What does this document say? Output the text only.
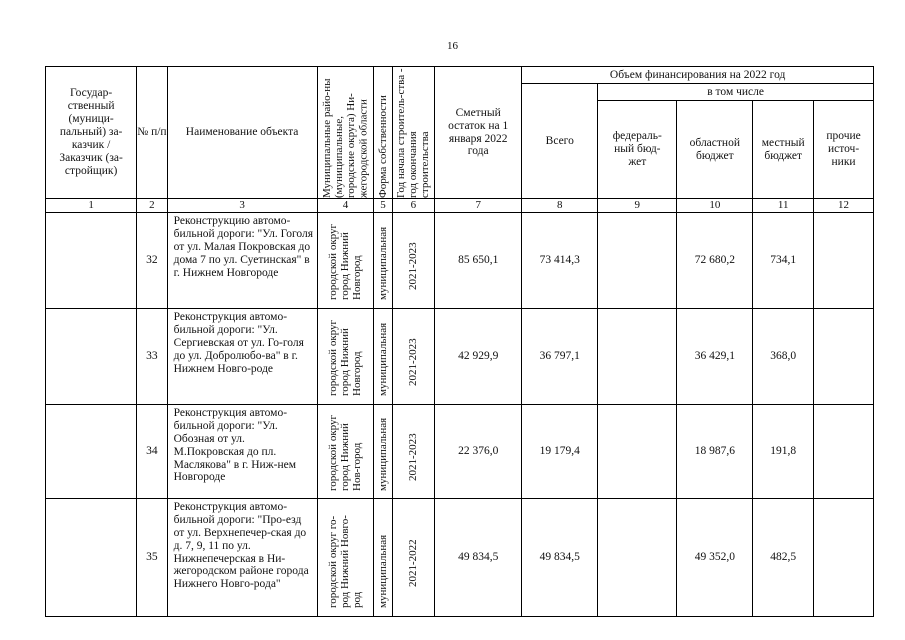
16
Государ-ственный (муници-пальный) за-казчик / Заказчик (за-стройщик)	№ п/п	Наименование объекта	Муниципальные райо-ны (муниципальные, городские округа) Ни-жегородской области	Форма собственности	Год начала строитель-ства - год окончания строительства	Сметный остаток на 1 января 2022 года	Объем финансирования на 2022 год				
							Всего	в том числе			
								федераль-ный бюд-жет	областной бюджет	местный бюджет	прочие источ-ники
1	2	3	4	5	6	7	8	9	10	11	12
	32	Реконструкцию автомо-бильной дороги: "Ул. Гоголя от ул. Малая Покровская до дома 7 по ул. Суетинская" в г. Нижнем Новгороде	городской округ город Нижний Новгород	муниципальная	2021-2023	85 650,1	73 414,3		72 680,2	734,1	
	33	Реконструкция автомо-бильной дороги: "Ул. Сергиевская от ул. Го-голя до ул. Добролюбо-ва" в г. Нижнем Новго-роде	городской округ город Нижний Новгород	муниципальная	2021-2023	42 929,9	36 797,1		36 429,1	368,0	
	34	Реконструкция автомо-бильной дороги: "Ул. Обозная от ул. М.Покровская до пл. Маслякова" в г. Ниж-нем Новгороде	городской округ город Нижний Нов-город	муниципальная	2021-2023	22 376,0	19 179,4		18 987,6	191,8	
	35	Реконструкция автомо-бильной дороги: "Про-езд от ул. Верхнепечер-ская до д. 7, 9, 11 по ул. Нижнепечерская в Ни-жегородском районе города Нижнего Новго-рода"	городской округ го-род Нижний Новго-род	муниципальная	2021-2022	49 834,5	49 834,5		49 352,0	482,5	
